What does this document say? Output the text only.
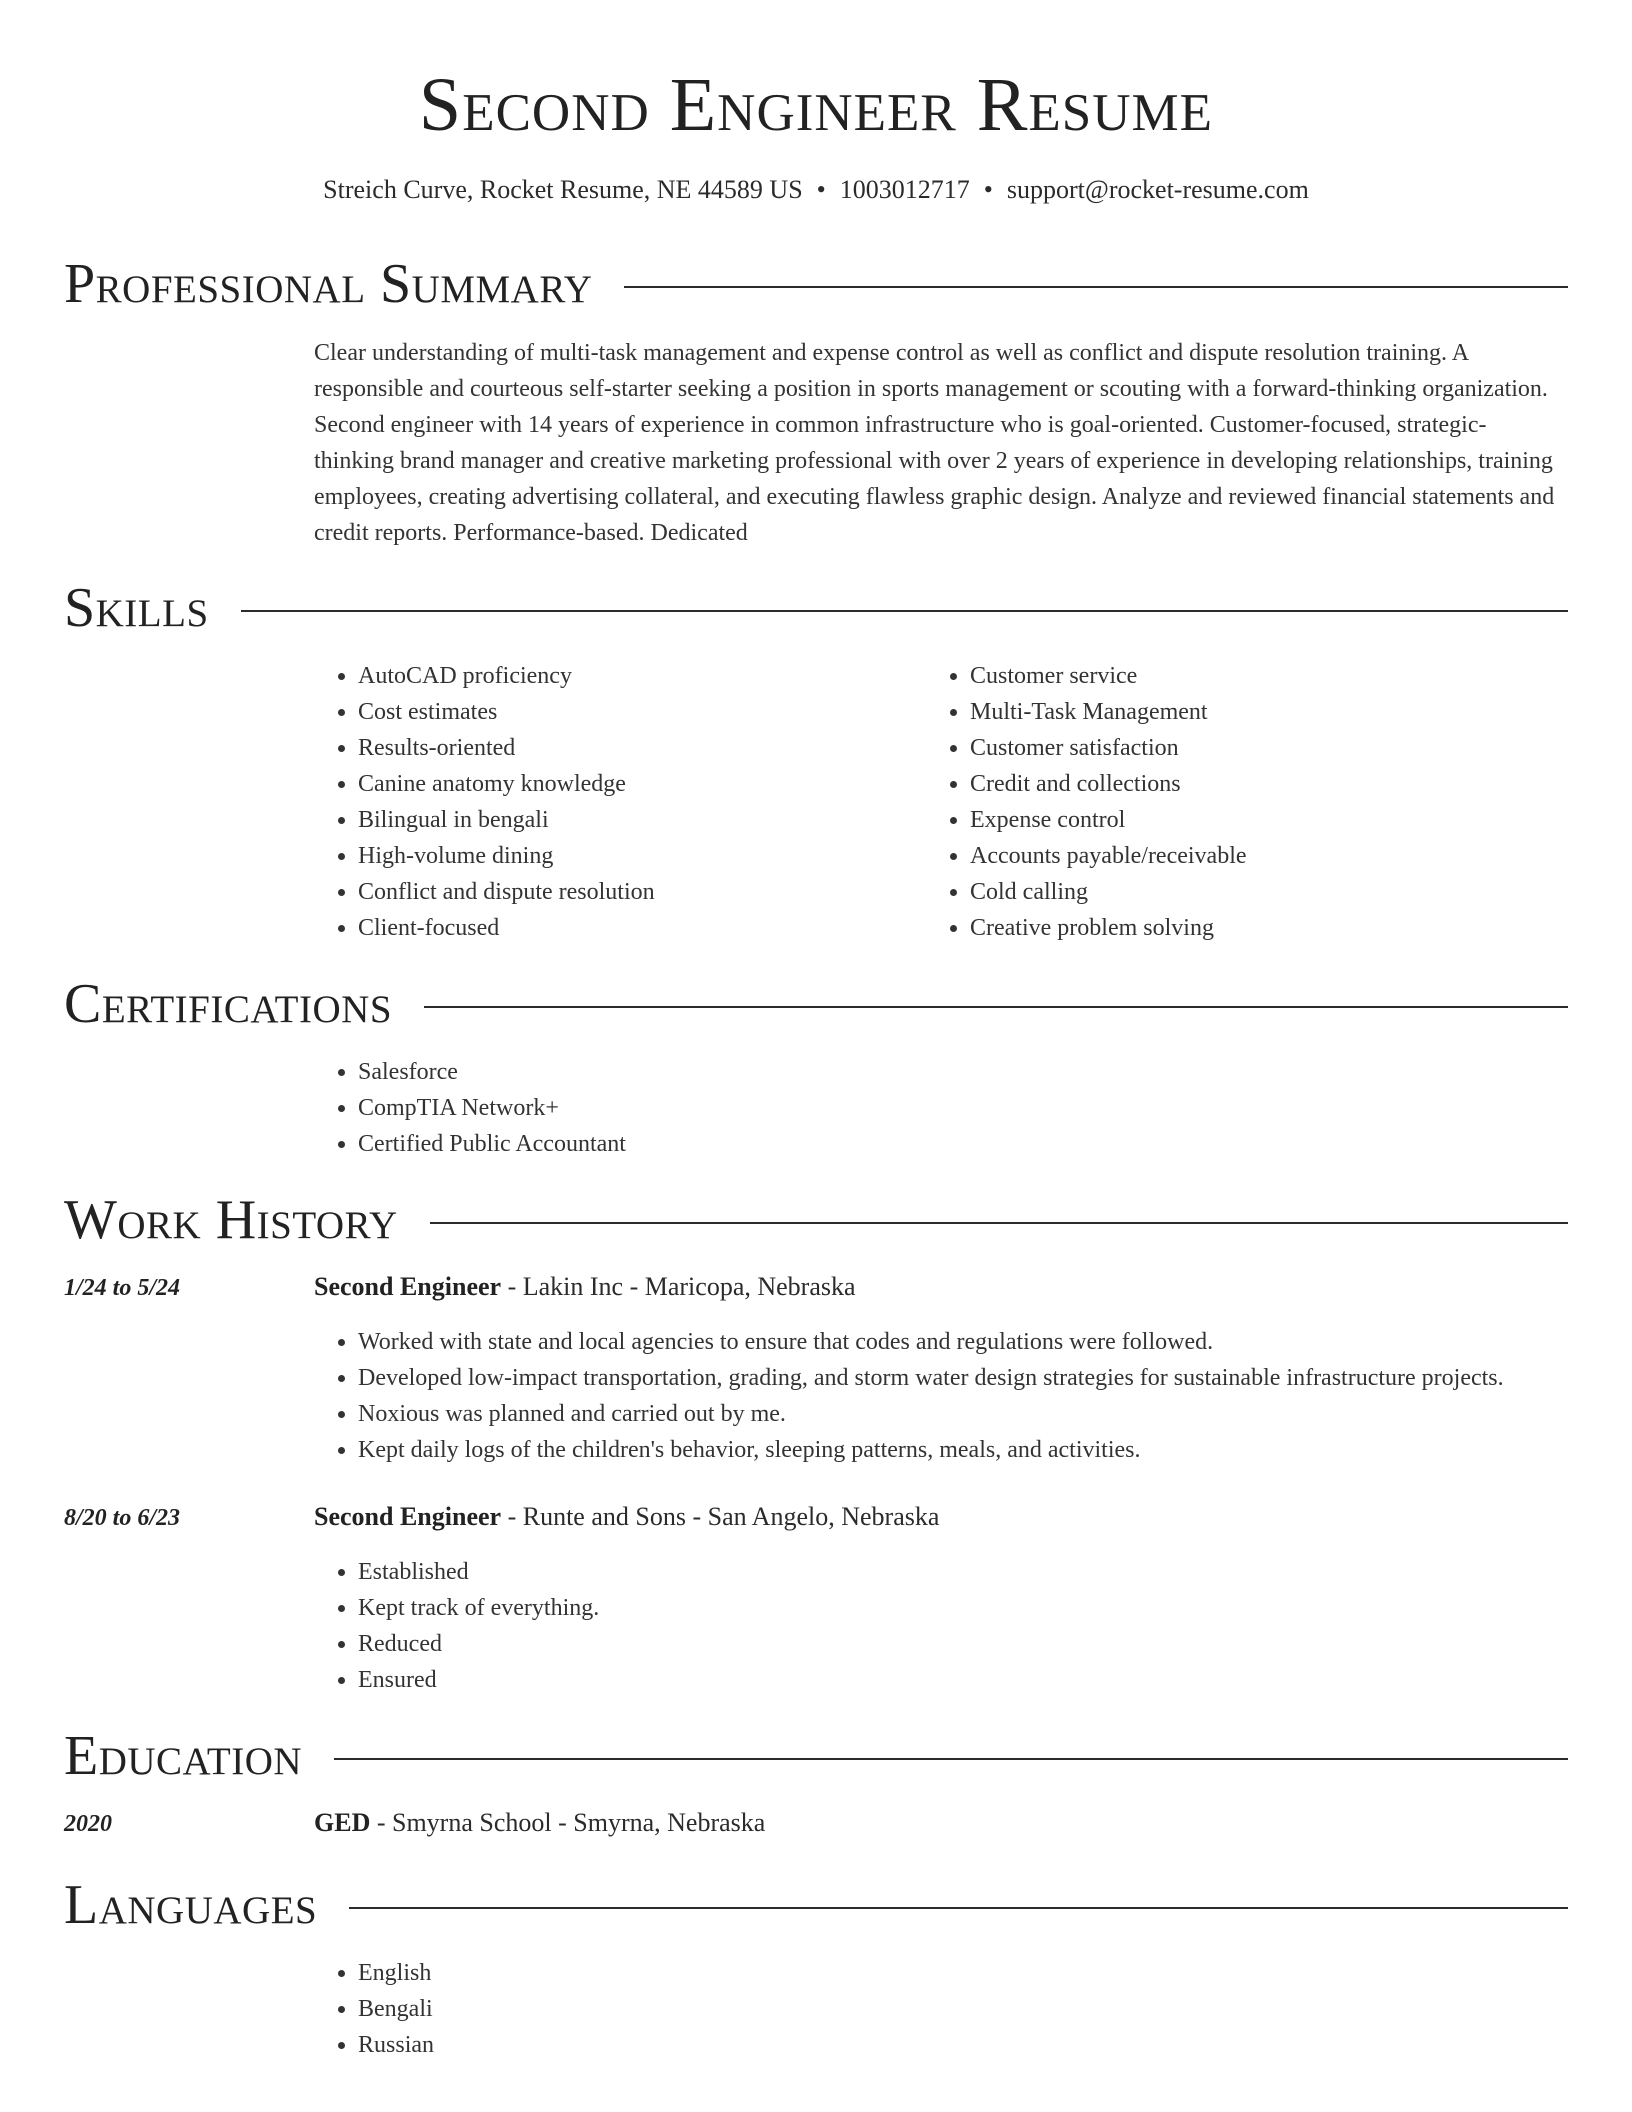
Second Engineer Resume
Streich Curve, Rocket Resume, NE 44589 US • 1003012717 • support@rocket-resume.com
Professional Summary
Clear understanding of multi-task management and expense control as well as conflict and dispute resolution training. A responsible and courteous self-starter seeking a position in sports management or scouting with a forward-thinking organization. Second engineer with 14 years of experience in common infrastructure who is goal-oriented. Customer-focused, strategic-thinking brand manager and creative marketing professional with over 2 years of experience in developing relationships, training employees, creating advertising collateral, and executing flawless graphic design. Analyze and reviewed financial statements and credit reports. Performance-based. Dedicated
Skills
• AutoCAD proficiency
• Cost estimates
• Results-oriented
• Canine anatomy knowledge
• Bilingual in bengali
• High-volume dining
• Conflict and dispute resolution
• Client-focused
• Customer service
• Multi-Task Management
• Customer satisfaction
• Credit and collections
• Expense control
• Accounts payable/receivable
• Cold calling
• Creative problem solving
Certifications
• Salesforce
• CompTIA Network+
• Certified Public Accountant
Work History
1/24 to 5/24	Second Engineer - Lakin Inc - Maricopa, Nebraska
• Worked with state and local agencies to ensure that codes and regulations were followed.
• Developed low-impact transportation, grading, and storm water design strategies for sustainable infrastructure projects.
• Noxious was planned and carried out by me.
• Kept daily logs of the children's behavior, sleeping patterns, meals, and activities.
8/20 to 6/23	Second Engineer - Runte and Sons - San Angelo, Nebraska
• Established
• Kept track of everything.
• Reduced
• Ensured
Education
2020	GED - Smyrna School - Smyrna, Nebraska
Languages
• English
• Bengali
• Russian
